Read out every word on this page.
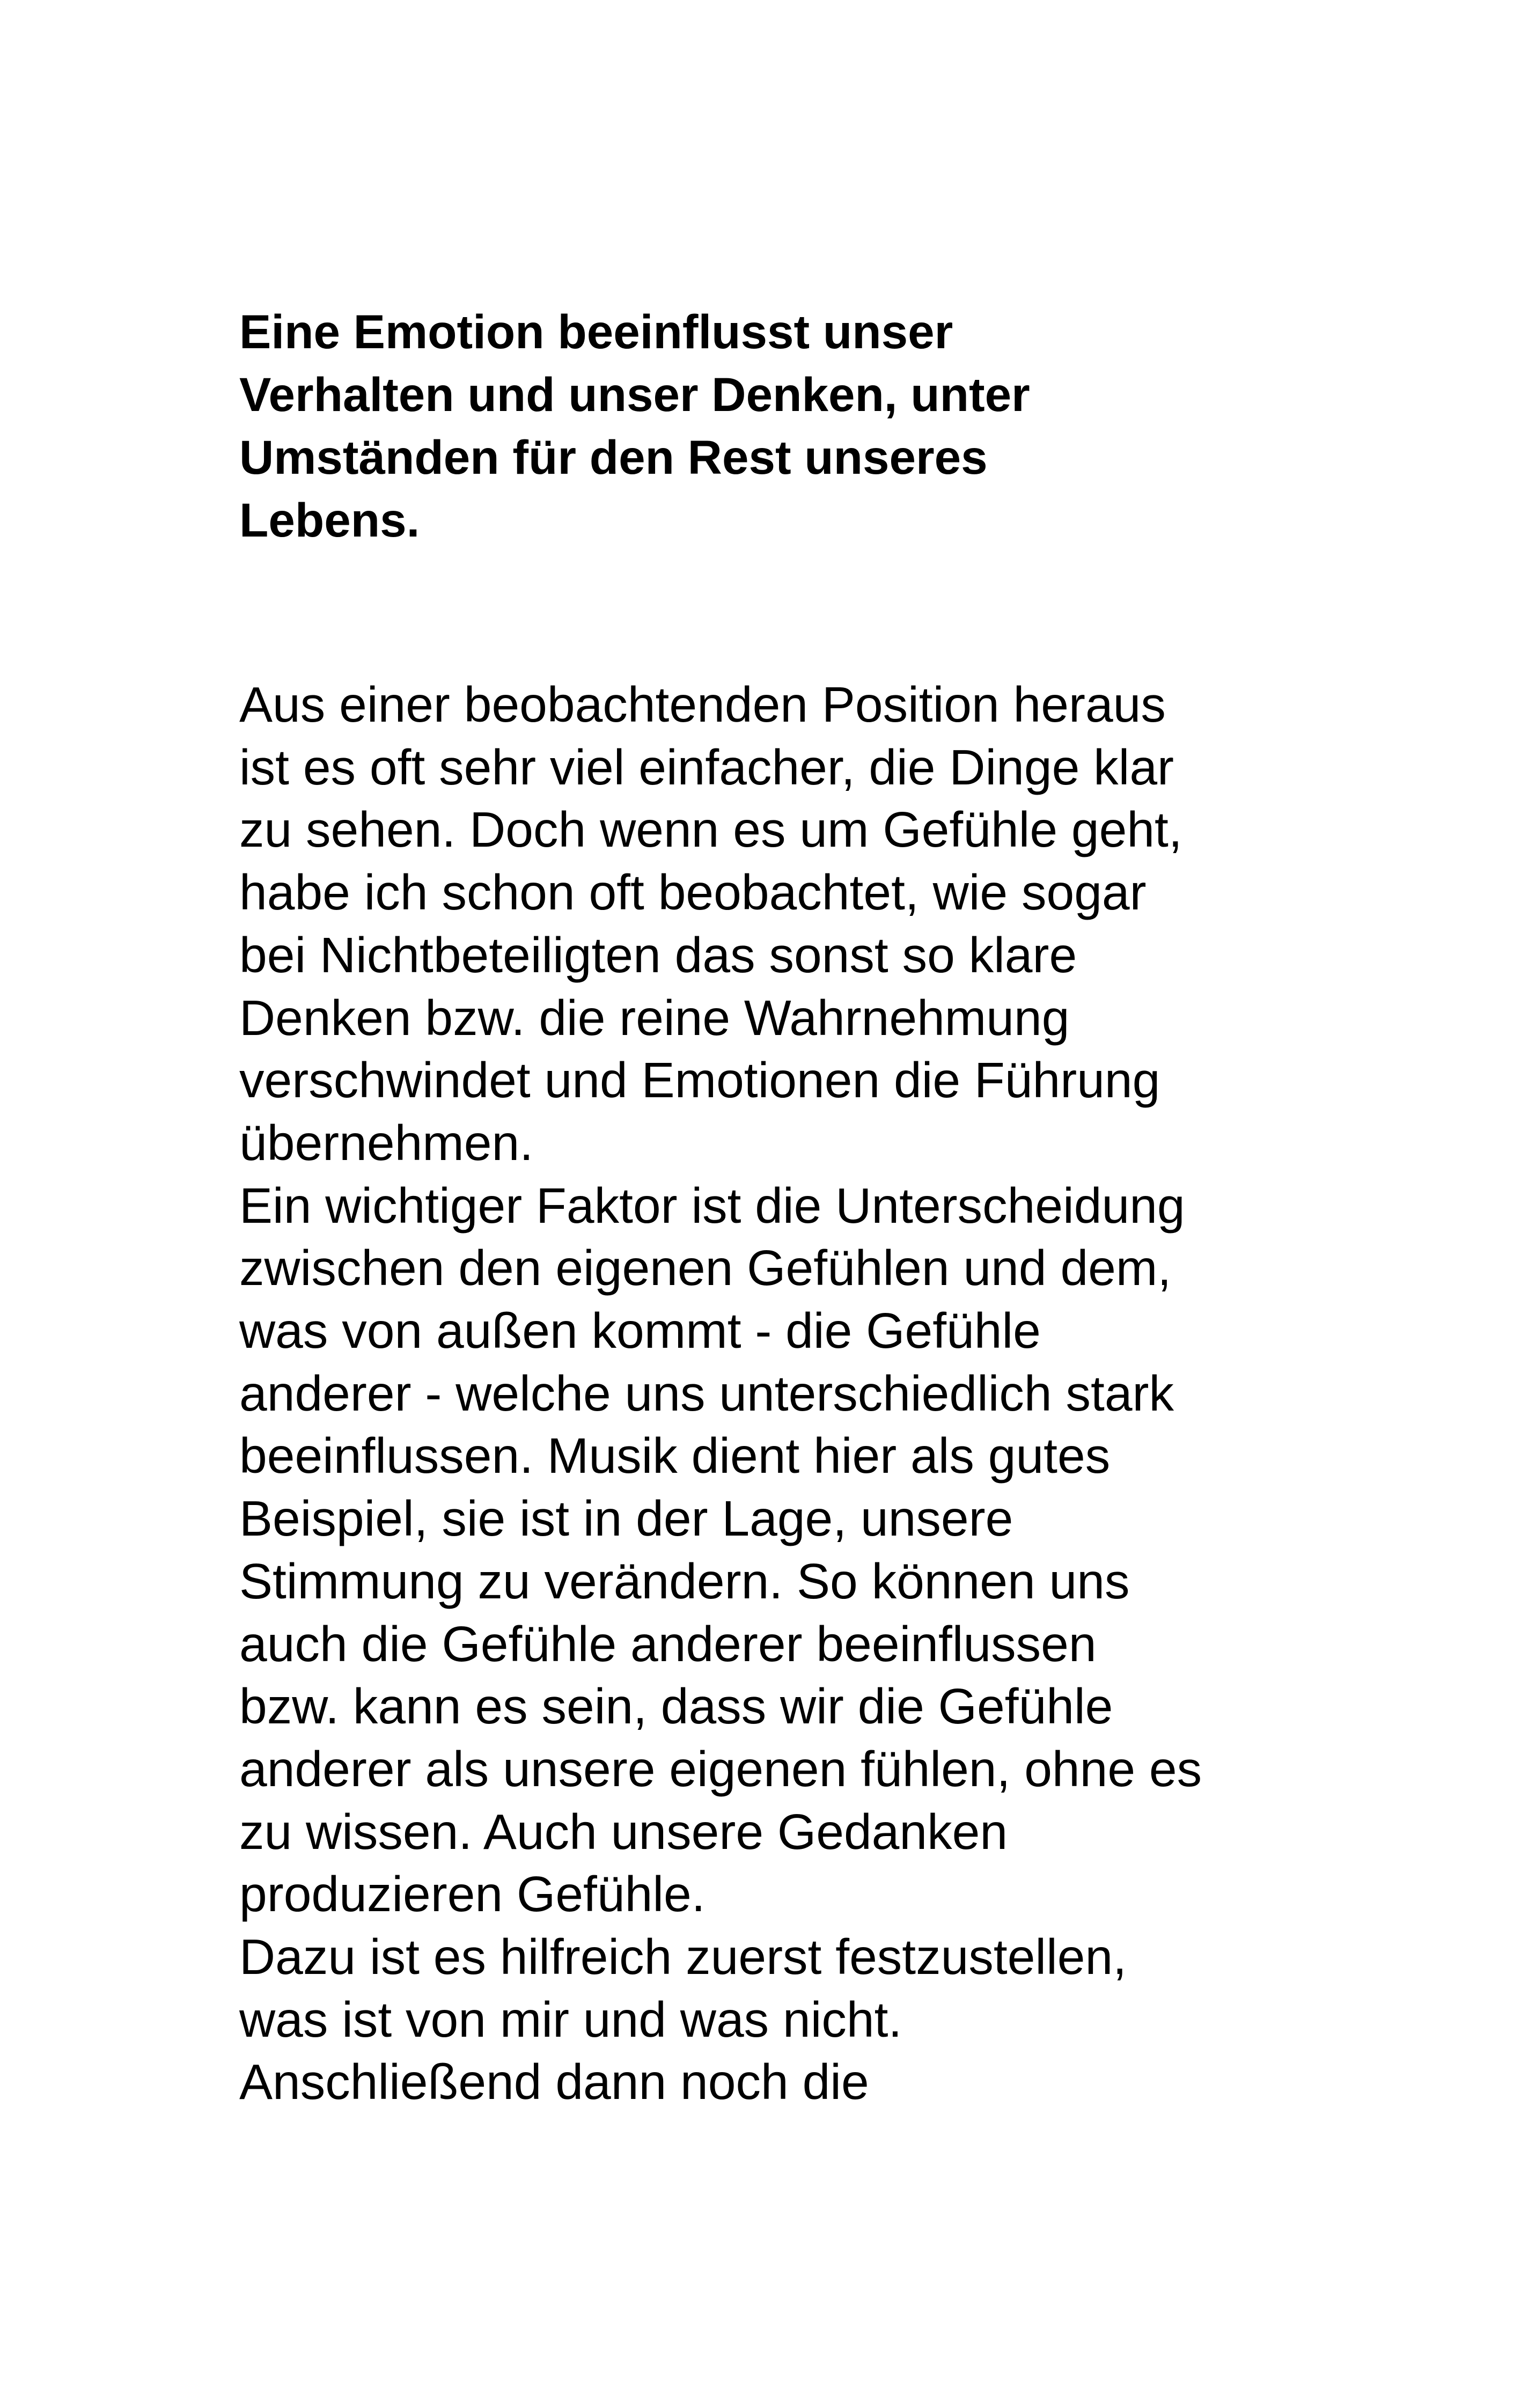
Eine Emotion beeinflusst unser
Verhalten und unser Denken, unter
Umständen für den Rest unseres
Lebens.

Aus einer beobachtenden Position heraus
ist es oft sehr viel einfacher, die Dinge klar
zu sehen. Doch wenn es um Gefühle geht,
habe ich schon oft beobachtet, wie sogar
bei Nichtbeteiligten das sonst so klare
Denken bzw. die reine Wahrnehmung
verschwindet und Emotionen die Führung
übernehmen.
Ein wichtiger Faktor ist die Unterscheidung
zwischen den eigenen Gefühlen und dem,
was von außen kommt - die Gefühle
anderer - welche uns unterschiedlich stark
beeinflussen. Musik dient hier als gutes
Beispiel, sie ist in der Lage, unsere
Stimmung zu verändern. So können uns
auch die Gefühle anderer beeinflussen
bzw. kann es sein, dass wir die Gefühle
anderer als unsere eigenen fühlen, ohne es
zu wissen. Auch unsere Gedanken
produzieren Gefühle.
Dazu ist es hilfreich zuerst festzustellen,
was ist von mir und was nicht.
Anschließend dann noch die
